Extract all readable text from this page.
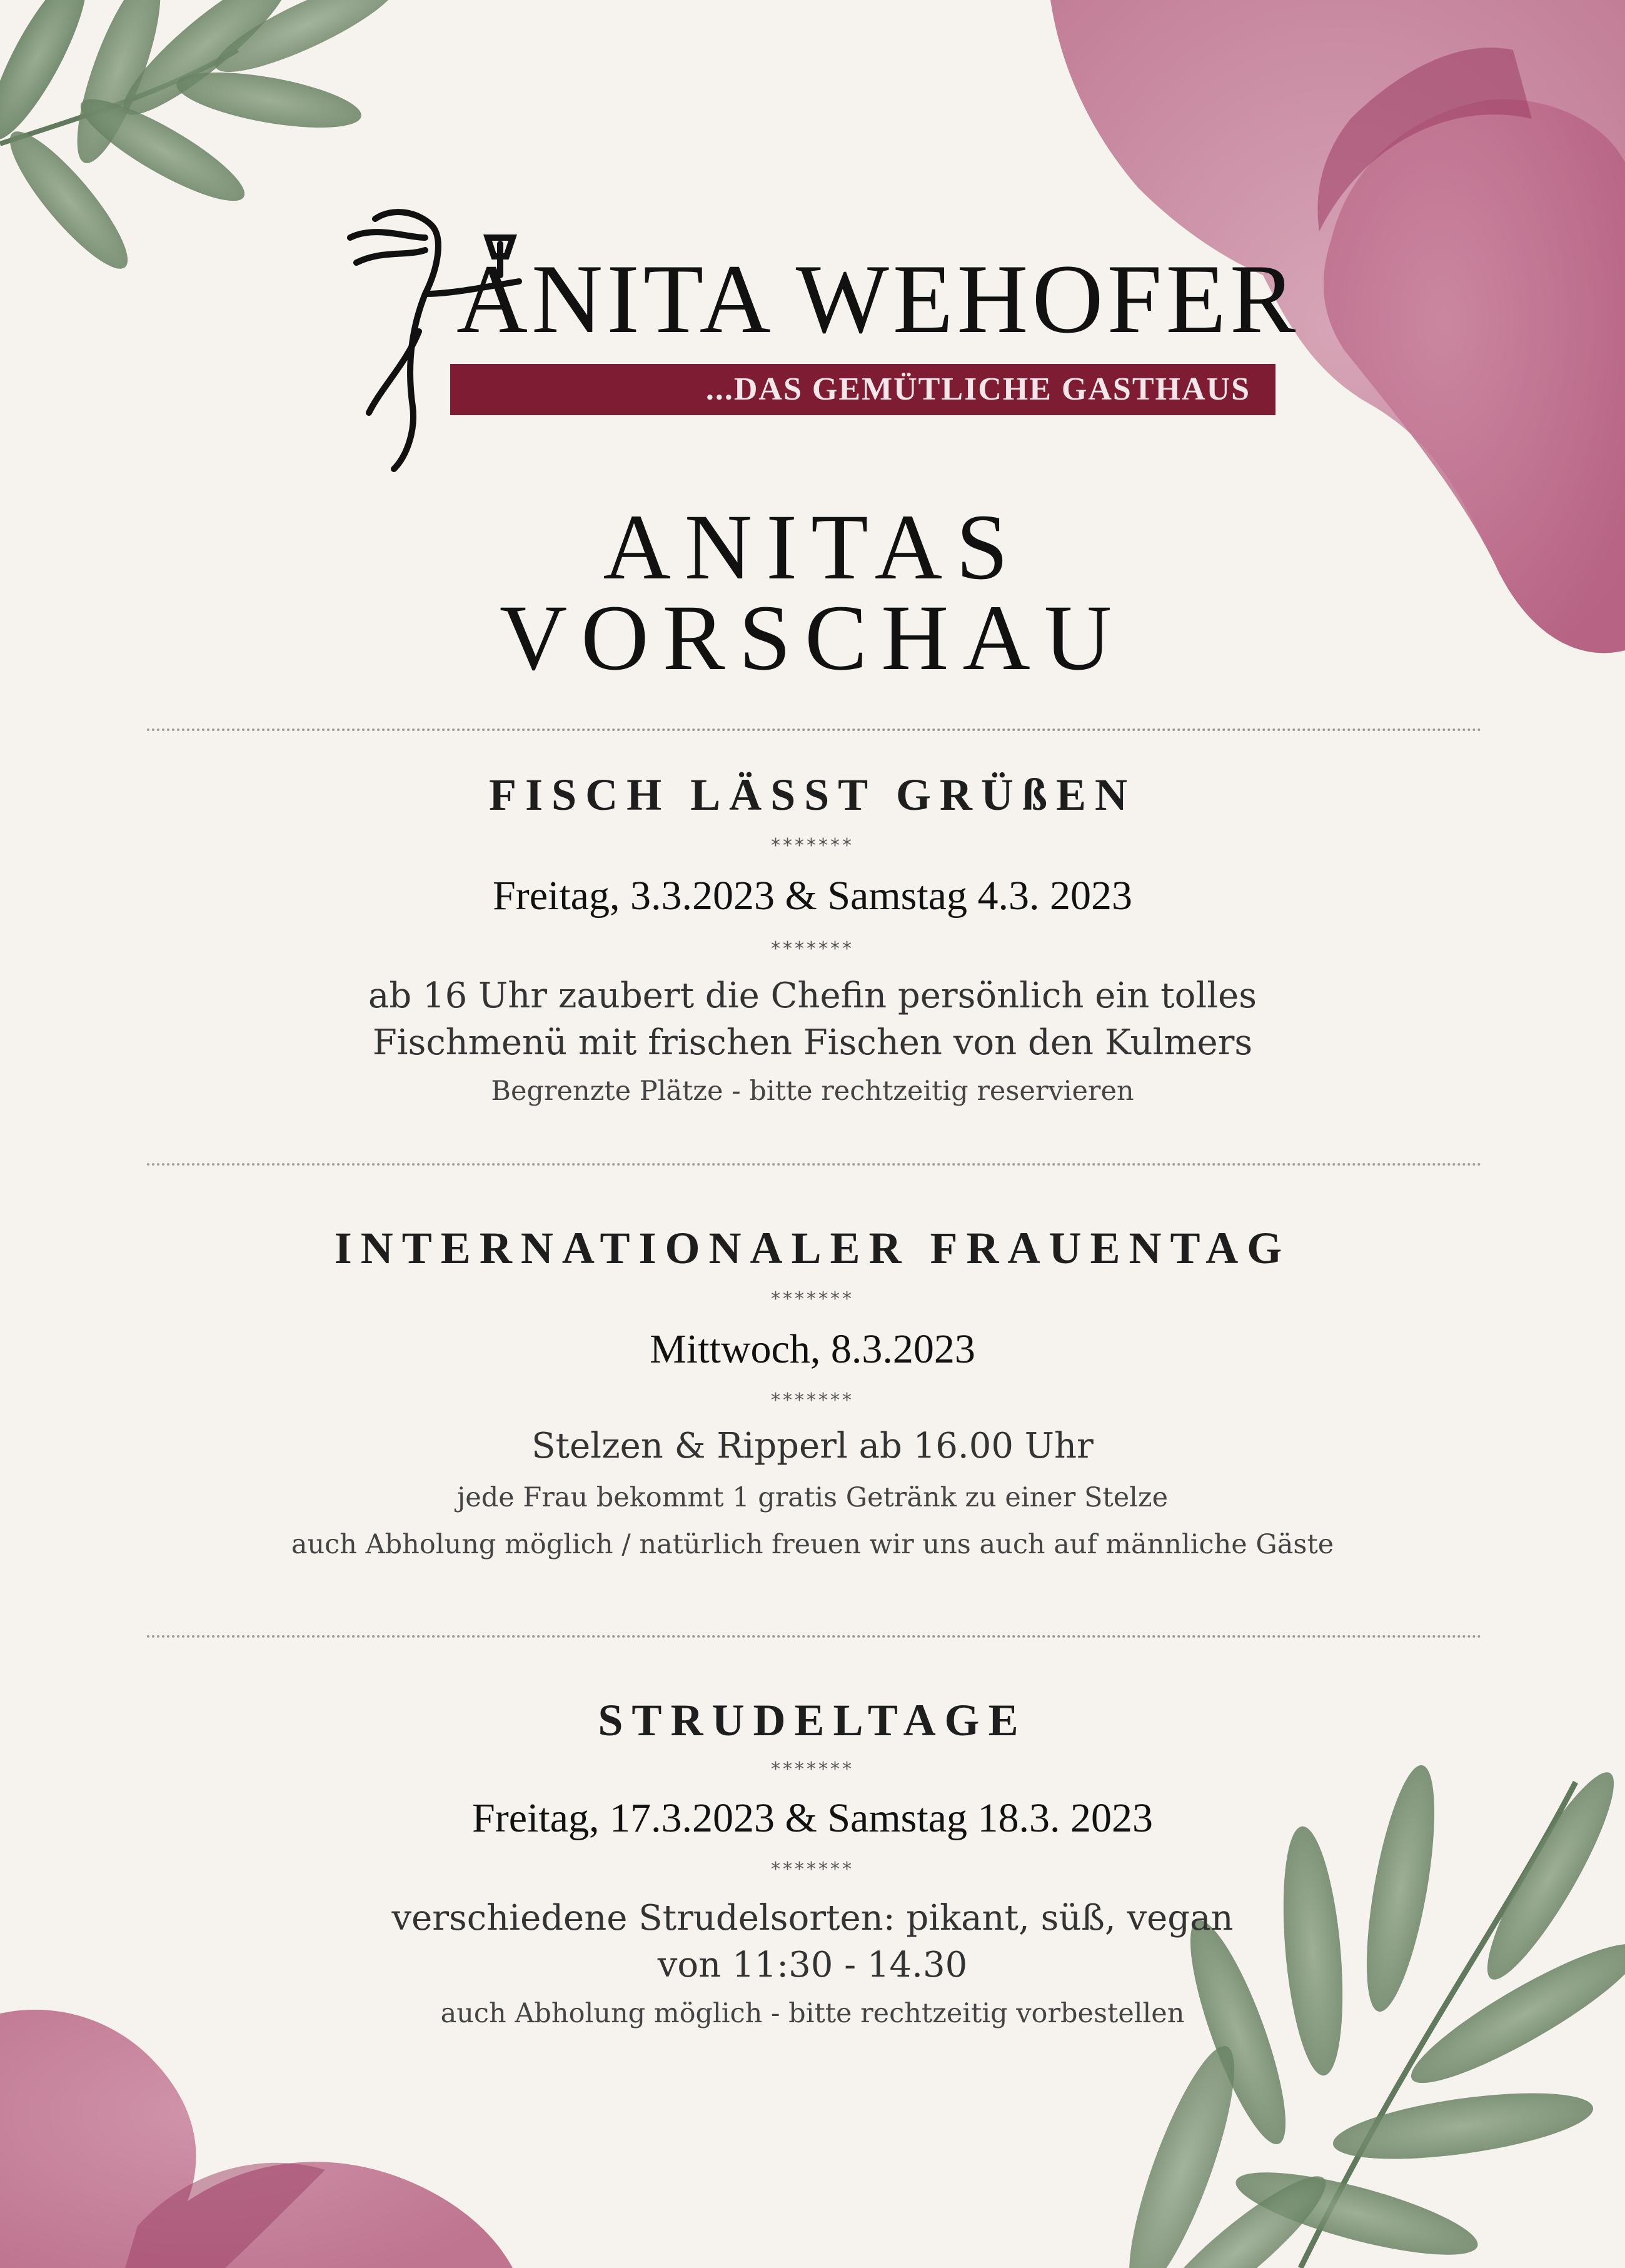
...DAS GEMÜTLICHE GASTHAUS
ANITA WEHOFER
ANITAS
VORSCHAU
FISCH LÄSST GRÜßEN
*******
Freitag, 3.3.2023 & Samstag 4.3. 2023
*******
ab 16 Uhr zaubert die Chefin persönlich ein tolles
Fischmenü mit frischen Fischen von den Kulmers
Begrenzte Plätze - bitte rechtzeitig reservieren
INTERNATIONALER FRAUENTAG
*******
Mittwoch, 8.3.2023
*******
Stelzen & Ripperl ab 16.00 Uhr
jede Frau bekommt 1 gratis Getränk zu einer Stelze
auch Abholung möglich / natürlich freuen wir uns auch auf männliche Gäste
STRUDELTAGE
*******
Freitag, 17.3.2023 & Samstag 18.3. 2023
*******
verschiedene Strudelsorten: pikant, süß, vegan
von 11:30 - 14.30
auch Abholung möglich - bitte rechtzeitig vorbestellen
